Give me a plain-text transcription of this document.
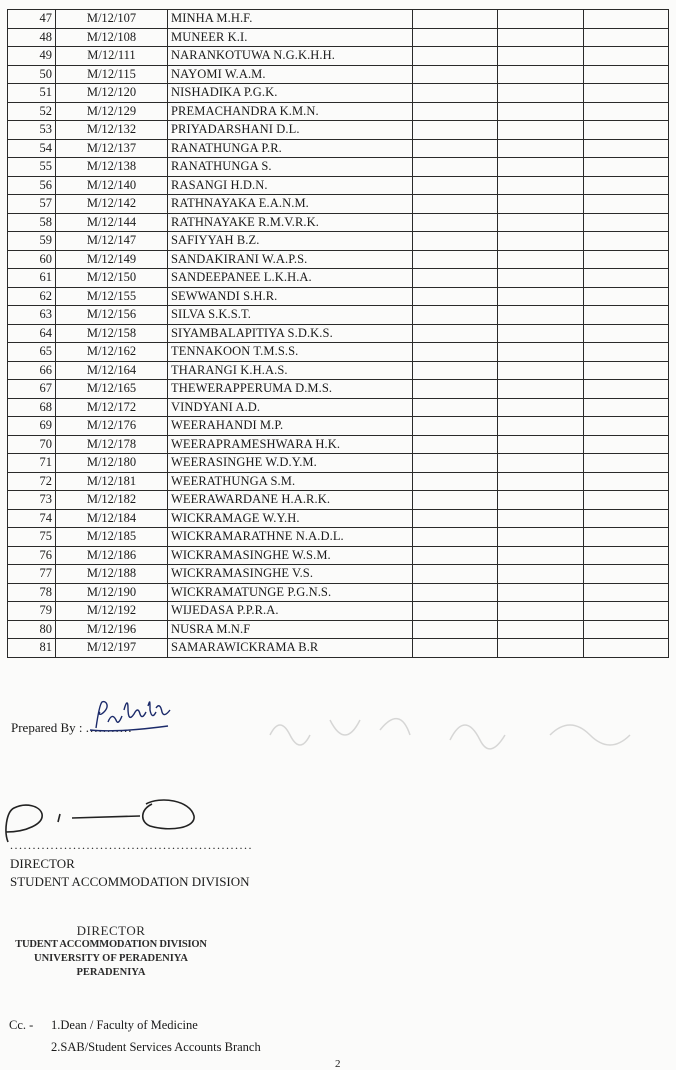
47	M/12/107	MINHA M.H.F.			
48	M/12/108	MUNEER K.I.			
49	M/12/111	NARANKOTUWA N.G.K.H.H.			
50	M/12/115	NAYOMI W.A.M.			
51	M/12/120	NISHADIKA P.G.K.			
52	M/12/129	PREMACHANDRA K.M.N.			
53	M/12/132	PRIYADARSHANI D.L.			
54	M/12/137	RANATHUNGA P.R.			
55	M/12/138	RANATHUNGA S.			
56	M/12/140	RASANGI H.D.N.			
57	M/12/142	RATHNAYAKA E.A.N.M.			
58	M/12/144	RATHNAYAKE R.M.V.R.K.			
59	M/12/147	SAFIYYAH B.Z.			
60	M/12/149	SANDAKIRANI W.A.P.S.			
61	M/12/150	SANDEEPANEE L.K.H.A.			
62	M/12/155	SEWWANDI S.H.R.			
63	M/12/156	SILVA S.K.S.T.			
64	M/12/158	SIYAMBALAPITIYA S.D.K.S.			
65	M/12/162	TENNAKOON T.M.S.S.			
66	M/12/164	THARANGI K.H.A.S.			
67	M/12/165	THEWERAPPERUMA D.M.S.			
68	M/12/172	VINDYANI A.D.			
69	M/12/176	WEERAHANDI M.P.			
70	M/12/178	WEERAPRAMESHWARA H.K.			
71	M/12/180	WEERASINGHE W.D.Y.M.			
72	M/12/181	WEERATHUNGA S.M.			
73	M/12/182	WEERAWARDANE H.A.R.K.			
74	M/12/184	WICKRAMAGE W.Y.H.			
75	M/12/185	WICKRAMARATHNE N.A.D.L.			
76	M/12/186	WICKRAMASINGHE W.S.M.			
77	M/12/188	WICKRAMASINGHE V.S.			
78	M/12/190	WICKRAMATUNGE P.G.N.S.			
79	M/12/192	WIJEDASA P.P.R.A.			
80	M/12/196	NUSRA M.N.F			
81	M/12/197	SAMARAWICKRAMA B.R			
Prepared By : ...........
......................................................
DIRECTOR
STUDENT ACCOMMODATION DIVISION
DIRECTOR
TUDENT ACCOMMODATION DIVISION
UNIVERSITY OF PERADENIYA
PERADENIYA
Cc. - 1.Dean / Faculty of Medicine
2.SAB/Student Services Accounts Branch
2
